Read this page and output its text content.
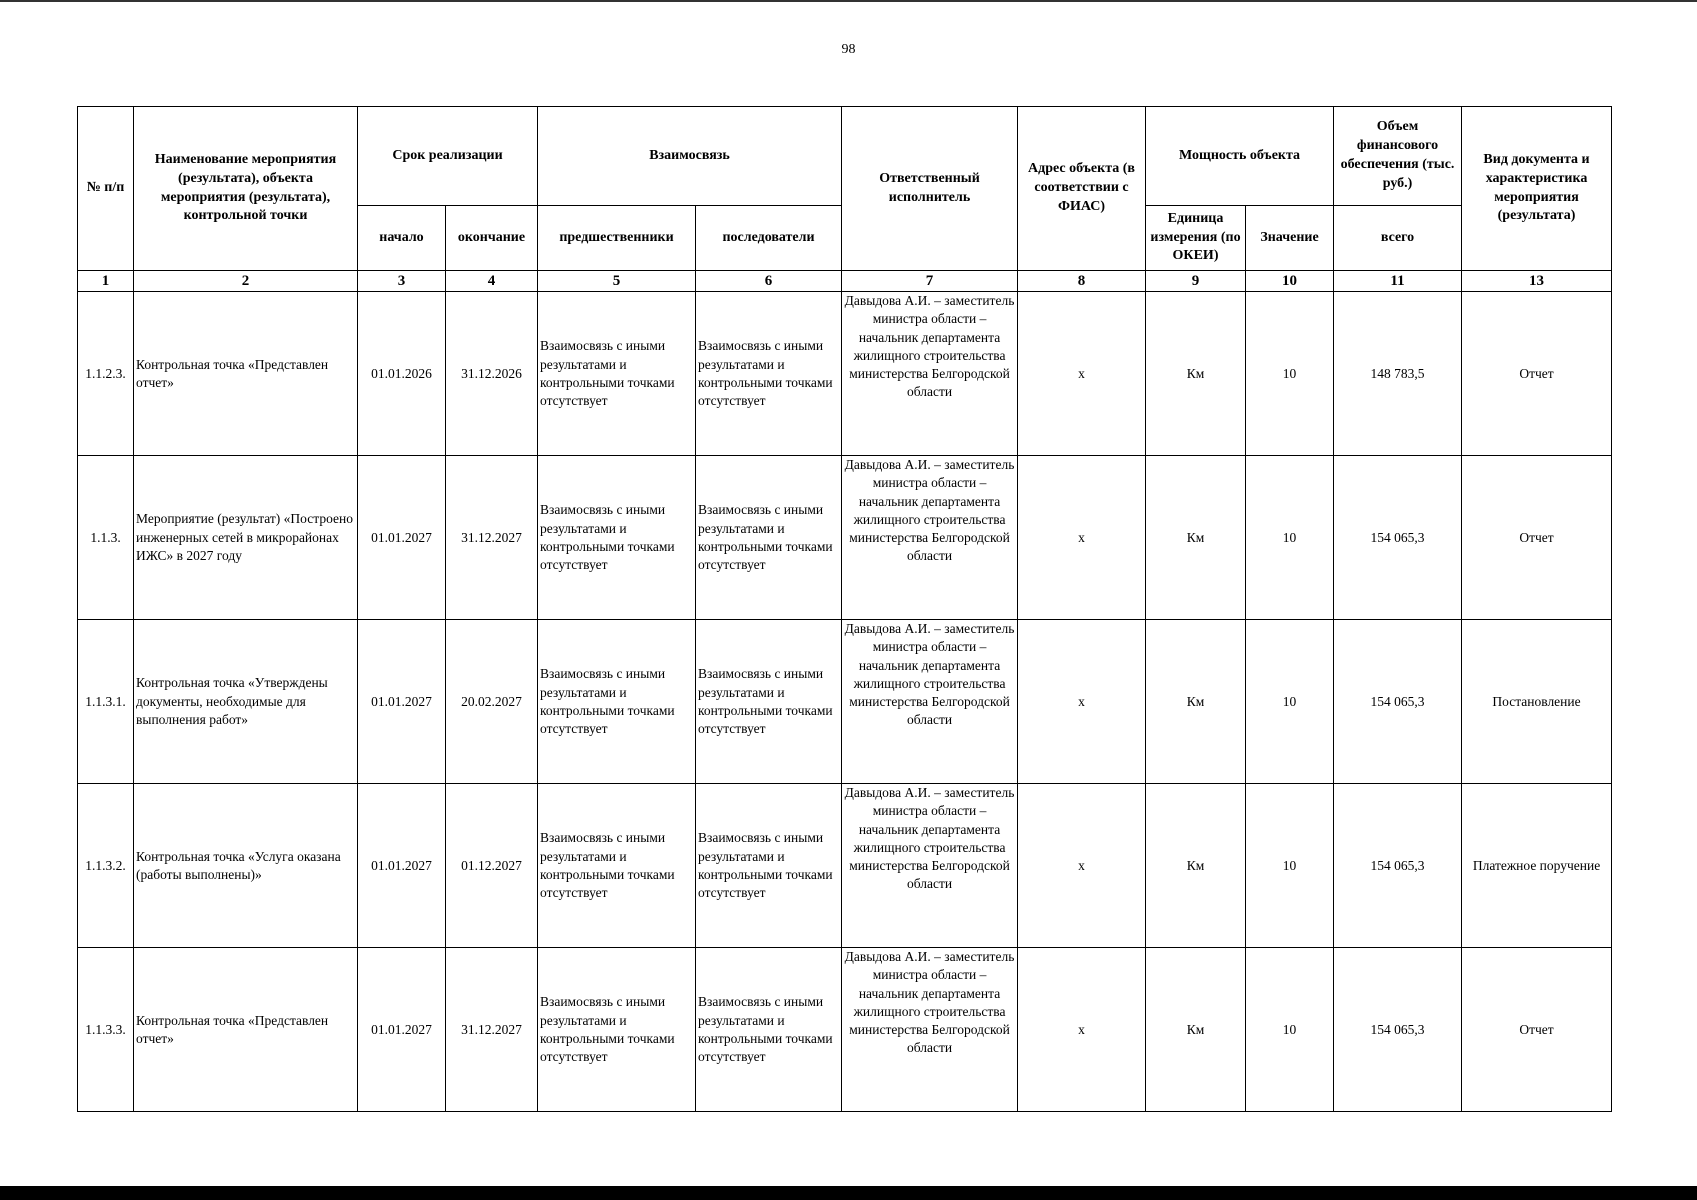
98
№ п/п	Наименование мероприятия (результата), объекта мероприятия (результата), контрольной точки	Срок реализации		Взаимосвязь		Ответственный исполнитель	Адрес объекта (в соответствии с ФИАС)	Мощность объекта		Объем финансового обеспечения (тыс. руб.)	Вид документа и характеристика мероприятия (результата)
		начало	окончание	предшественники	последователи			Единица измерения (по ОКЕИ)	Значение	всего	
1	2	3	4	5	6	7	8	9	10	11	13
1.1.2.3.	Контрольная точка «Представлен отчет»	01.01.2026	31.12.2026	Взаимосвязь с иными результатами и контрольными точками отсутствует	Взаимосвязь с иными результатами и контрольными точками отсутствует	Давыдова А.И. – заместитель министра области – начальник департамента жилищного строительства министерства Белгородской области	х	Км	10	148 783,5	Отчет
1.1.3.	Мероприятие (результат) «Построено инженерных сетей в микрорайонах ИЖС» в 2027 году	01.01.2027	31.12.2027	Взаимосвязь с иными результатами и контрольными точками отсутствует	Взаимосвязь с иными результатами и контрольными точками отсутствует	Давыдова А.И. – заместитель министра области – начальник департамента жилищного строительства министерства Белгородской области	х	Км	10	154 065,3	Отчет
1.1.3.1.	Контрольная точка «Утверждены документы, необходимые для выполнения работ»	01.01.2027	20.02.2027	Взаимосвязь с иными результатами и контрольными точками отсутствует	Взаимосвязь с иными результатами и контрольными точками отсутствует	Давыдова А.И. – заместитель министра области – начальник департамента жилищного строительства министерства Белгородской области	х	Км	10	154 065,3	Постановление
1.1.3.2.	Контрольная точка «Услуга оказана (работы выполнены)»	01.01.2027	01.12.2027	Взаимосвязь с иными результатами и контрольными точками отсутствует	Взаимосвязь с иными результатами и контрольными точками отсутствует	Давыдова А.И. – заместитель министра области – начальник департамента жилищного строительства министерства Белгородской области	х	Км	10	154 065,3	Платежное поручение
1.1.3.3.	Контрольная точка «Представлен отчет»	01.01.2027	31.12.2027	Взаимосвязь с иными результатами и контрольными точками отсутствует	Взаимосвязь с иными результатами и контрольными точками отсутствует	Давыдова А.И. – заместитель министра области – начальник департамента жилищного строительства министерства Белгородской области	х	Км	10	154 065,3	Отчет
